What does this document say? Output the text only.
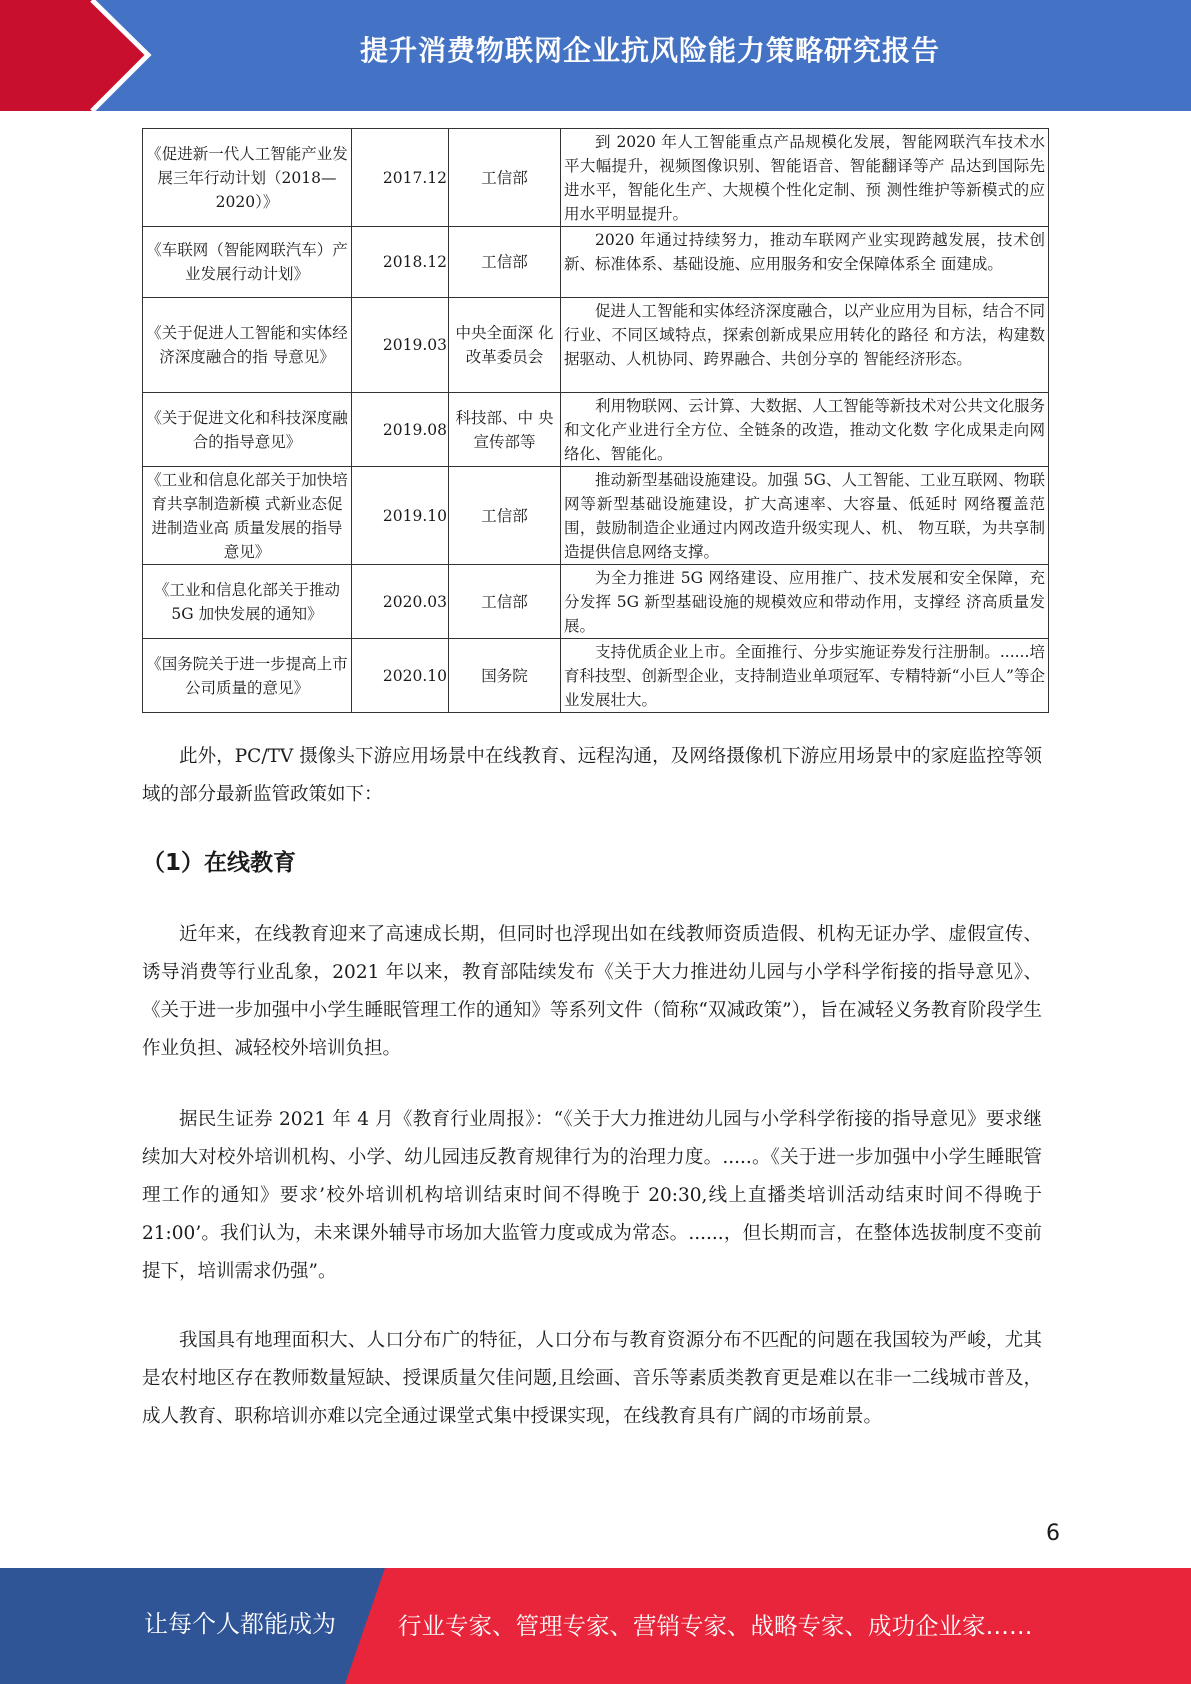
提升消费物联网企业抗风险能力策略研究报告
《促进新一代人工智能产业发展三年行动计划（2018—2020）》	2017.12	工信部	到 2020 年人工智能重点产品规模化发展，智能网联汽车技术水平大幅提升，视频图像识别、智能语音、智能翻译等产 品达到国际先进水平，智能化生产、大规模个性化定制、预 测性维护等新模式的应用水平明显提升。
《车联网（智能网联汽车）产业发展行动计划》	2018.12	工信部	2020 年通过持续努力，推动车联网产业实现跨越发展，技术创新、标准体系、基础设施、应用服务和安全保障体系全 面建成。
《关于促进人工智能和实体经济深度融合的指 导意见》	2019.03	中央全面深 化改革委员会	促进人工智能和实体经济深度融合，以产业应用为目标，结合不同行业、不同区域特点，探索创新成果应用转化的路径 和方法，构建数据驱动、人机协同、跨界融合、共创分享的 智能经济形态。
《关于促进文化和科技深度融合的指导意见》	2019.08	科技部、中 央宣传部等	利用物联网、云计算、大数据、人工智能等新技术对公共文化服务和文化产业进行全方位、全链条的改造，推动文化数 字化成果走向网络化、智能化。
《工业和信息化部关于加快培育共享制造新模 式新业态促进制造业高 质量发展的指导意见》	2019.10	工信部	推动新型基础设施建设。加强 5G、人工智能、工业互联网、物联网等新型基础设施建设，扩大高速率、大容量、低延时 网络覆盖范围，鼓励制造企业通过内网改造升级实现人、机、 物互联，为共享制造提供信息网络支撑。
《工业和信息化部关于推动 5G 加快发展的通知》	2020.03	工信部	为全力推进 5G 网络建设、应用推广、技术发展和安全保障，充分发挥 5G 新型基础设施的规模效应和带动作用，支撑经 济高质量发展。
《国务院关于进一步提高上市公司质量的意见》	2020.10	国务院	支持优质企业上市。全面推行、分步实施证券发行注册制。......培育科技型、创新型企业，支持制造业单项冠军、专精特新“小巨人”等企业发展壮大。

此外，PC/TV 摄像头下游应用场景中在线教育、远程沟通，及网络摄像机下游应用场景中的家庭监控等领域的部分最新监管政策如下：

（1）在线教育

近年来，在线教育迎来了高速成长期，但同时也浮现出如在线教师资质造假、机构无证办学、虚假宣传、诱导消费等行业乱象，2021 年以来，教育部陆续发布《关于大力推进幼儿园与小学科学衔接的指导意见》、《关于进一步加强中小学生睡眠管理工作的通知》等系列文件（简称“双减政策”），旨在减轻义务教育阶段学生作业负担、减轻校外培训负担。

据民生证券 2021 年 4 月《教育行业周报》：“《关于大力推进幼儿园与小学科学衔接的指导意见》要求继续加大对校外培训机构、小学、幼儿园违反教育规律行为的治理力度。.....。《关于进一步加强中小学生睡眠管理工作的通知》要求’校外培训机构培训结束时间不得晚于 20:30,线上直播类培训活动结束时间不得晚于 21:00’。我们认为，未来课外辅导市场加大监管力度或成为常态。......，但长期而言，在整体选拔制度不变前提下，培训需求仍强”。

我国具有地理面积大、人口分布广的特征，人口分布与教育资源分布不匹配的问题在我国较为严峻，尤其是农村地区存在教师数量短缺、授课质量欠佳问题,且绘画、音乐等素质类教育更是难以在非一二线城市普及，成人教育、职称培训亦难以完全通过课堂式集中授课实现，在线教育具有广阔的市场前景。

6
让每个人都能成为	行业专家、管理专家、营销专家、战略专家、成功企业家……
